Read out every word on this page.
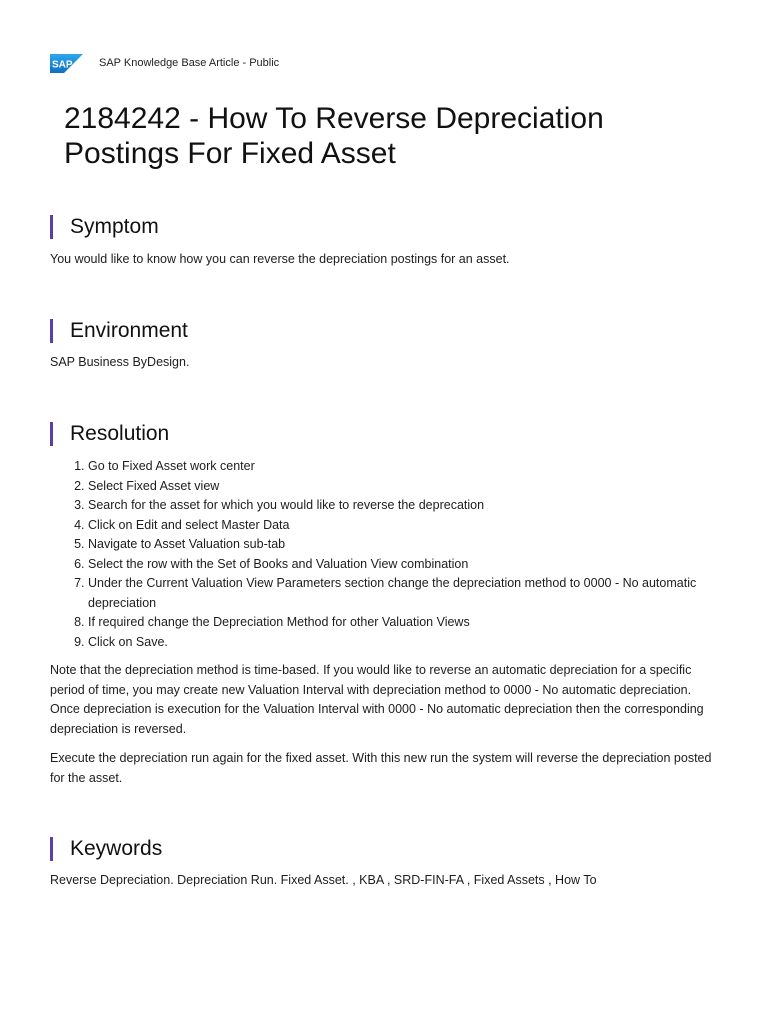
SAP SAP Knowledge Base Article - Public
2184242 - How To Reverse Depreciation Postings For Fixed Asset
Symptom

You would like to know how you can reverse the depreciation postings for an asset.

Environment

SAP Business ByDesign.

Resolution
1. Go to Fixed Asset work center
2. Select Fixed Asset view
3. Search for the asset for which you would like to reverse the deprecation
4. Click on Edit and select Master Data
5. Navigate to Asset Valuation sub-tab
6. Select the row with the Set of Books and Valuation View combination
7. Under the Current Valuation View Parameters section change the depreciation method to 0000 - No automatic depreciation
8. If required change the Depreciation Method for other Valuation Views
9. Click on Save.

Note that the depreciation method is time-based. If you would like to reverse an automatic depreciation for a specific period of time, you may create new Valuation Interval with depreciation method to 0000 - No automatic depreciation. Once depreciation is execution for the Valuation Interval with 0000 - No automatic depreciation then the corresponding depreciation is reversed.

Execute the depreciation run again for the fixed asset. With this new run the system will reverse the depreciation posted for the asset.

Keywords

Reverse Depreciation. Depreciation Run. Fixed Asset. , KBA , SRD-FIN-FA , Fixed Assets , How To
